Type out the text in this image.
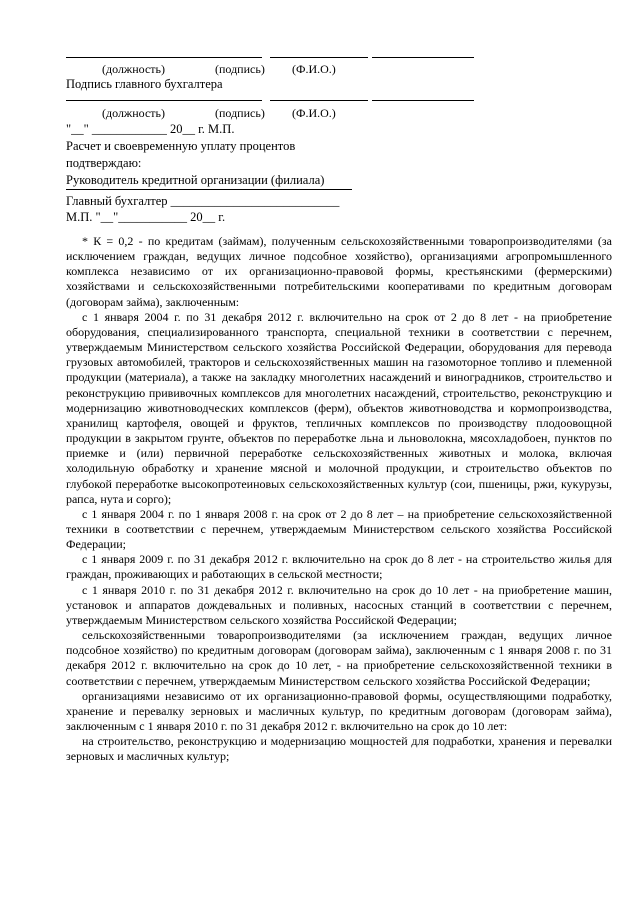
(должность)	(подпись) (Ф.И.О.)
Подпись главного бухгалтера
(должность)	(подпись) (Ф.И.О.)
"__" ____________ 20__ г. М.П.
Расчет и своевременную уплату процентов
подтверждаю:
Руководитель кредитной организации (филиала)
Главный бухгалтер ___________________________
М.П. "__"___________ 20__ г.

* К = 0,2 - по кредитам (займам), полученным сельскохозяйственными товаропроизводителями (за исключением граждан, ведущих личное подсобное хозяйство), организациями агропромышленного комплекса независимо от их организационно-правовой формы, крестьянскими (фермерскими) хозяйствами и сельскохозяйственными потребительскими кооперативами по кредитным договорам (договорам займа), заключенным:

с 1 января 2004 г. по 31 декабря 2012 г. включительно на срок от 2 до 8 лет - на приобретение оборудования, специализированного транспорта, специальной техники в соответствии с перечнем, утверждаемым Министерством сельского хозяйства Российской Федерации, оборудования для перевода грузовых автомобилей, тракторов и сельскохозяйственных машин на газомоторное топливо и племенной продукции (материала), а также на закладку многолетних насаждений и виноградников, строительство и реконструкцию прививочных комплексов для многолетних насаждений, строительство, реконструкцию и модернизацию животноводческих комплексов (ферм), объектов животноводства и кормопроизводства, хранилищ картофеля, овощей и фруктов, тепличных комплексов по производству плодоовощной продукции в закрытом грунте, объектов по переработке льна и льноволокна, мясохладобоен, пунктов по приемке и (или) первичной переработке сельскохозяйственных животных и молока, включая холодильную обработку и хранение мясной и молочной продукции, и строительство объектов по глубокой переработке высокопротеиновых сельскохозяйственных культур (сои, пшеницы, ржи, кукурузы, рапса, нута и сорго);

с 1 января 2004 г. по 1 января 2008 г. на срок от 2 до 8 лет – на приобретение сельскохозяйственной техники в соответствии с перечнем, утверждаемым Министерством сельского хозяйства Российской Федерации;

с 1 января 2009 г. по 31 декабря 2012 г. включительно на срок до 8 лет - на строительство жилья для граждан, проживающих и работающих в сельской местности;

с 1 января 2010 г. по 31 декабря 2012 г. включительно на срок до 10 лет - на приобретение машин, установок и аппаратов дождевальных и поливных, насосных станций в соответствии с перечнем, утверждаемым Министерством сельского хозяйства Российской Федерации;

сельскохозяйственными товаропроизводителями (за исключением граждан, ведущих личное подсобное хозяйство) по кредитным договорам (договорам займа), заключенным с 1 января 2008 г. по 31 декабря 2012 г. включительно на срок до 10 лет, - на приобретение сельскохозяйственной техники в соответствии с перечнем, утверждаемым Министерством сельского хозяйства Российской Федерации;

организациями независимо от их организационно-правовой формы, осуществляющими подработку, хранение и перевалку зерновых и масличных культур, по кредитным договорам (договорам займа), заключенным с 1 января 2010 г. по 31 декабря 2012 г. включительно на срок до 10 лет:

на строительство, реконструкцию и модернизацию мощностей для подработки, хранения и перевалки зерновых и масличных культур;
